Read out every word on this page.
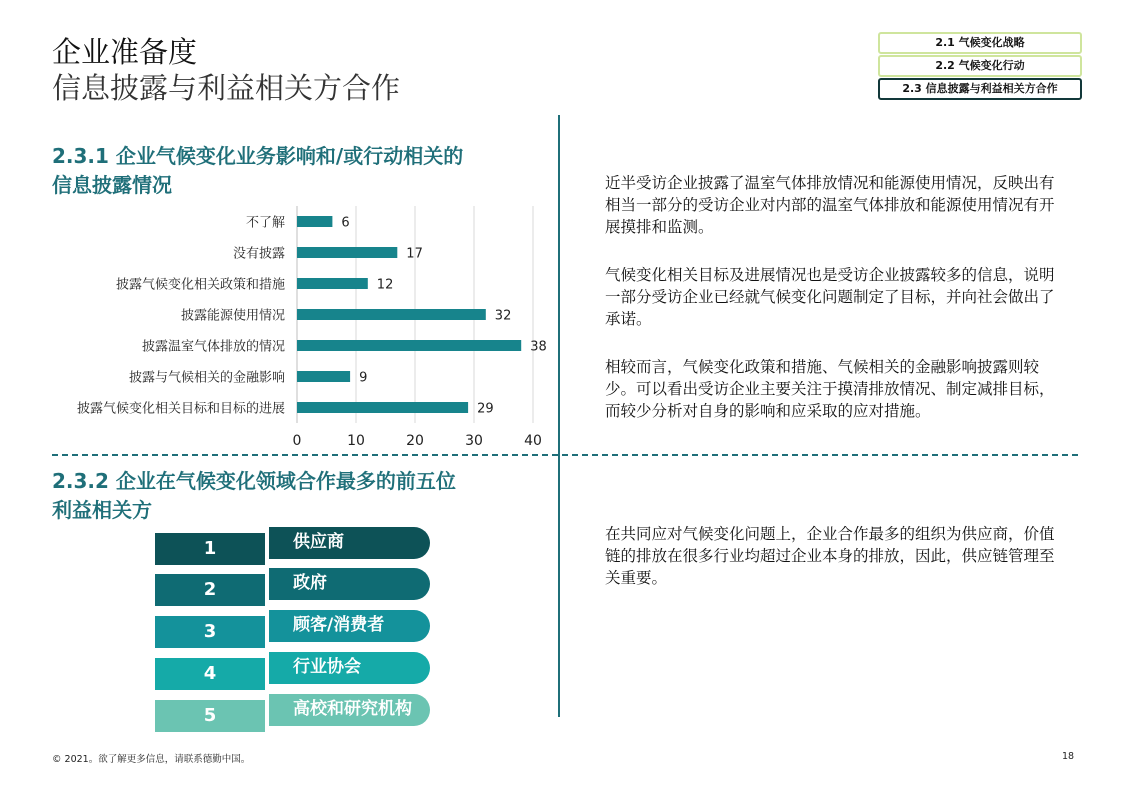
企业准备度
信息披露与利益相关方合作
2.1 气候变化战略
2.2 气候变化行动
2.3 信息披露与利益相关方合作
2.3.1 企业气候变化业务影响和/或行动相关的
信息披露情况
不了解	6
没有披露	17
披露气候变化相关政策和措施	12
披露能源使用情况	32
披露温室气体排放的情况	38
披露与气候相关的金融影响	9
披露气候变化相关目标和目标的进展	29
0	10	20	30	40
近半受访企业披露了温室气体排放情况和能源使用情况，反映出有相当一部分的受访企业对内部的温室气体排放和能源使用情况有开展摸排和监测。
气候变化相关目标及进展情况也是受访企业披露较多的信息，说明一部分受访企业已经就气候变化问题制定了目标，并向社会做出了承诺。
相较而言，气候变化政策和措施、气候相关的金融影响披露则较少。可以看出受访企业主要关注于摸清排放情况、制定减排目标，而较少分析对自身的影响和应采取的应对措施。
在共同应对气候变化问题上，企业合作最多的组织为供应商，价值链的排放在很多行业均超过企业本身的排放，因此，供应链管理至关重要。
2.3.2 企业在气候变化领域合作最多的前五位
利益相关方
1	供应商
2	政府
3	顾客/消费者
4	行业协会
5	高校和研究机构
© 2021。欲了解更多信息，请联系德勤中国。	18
